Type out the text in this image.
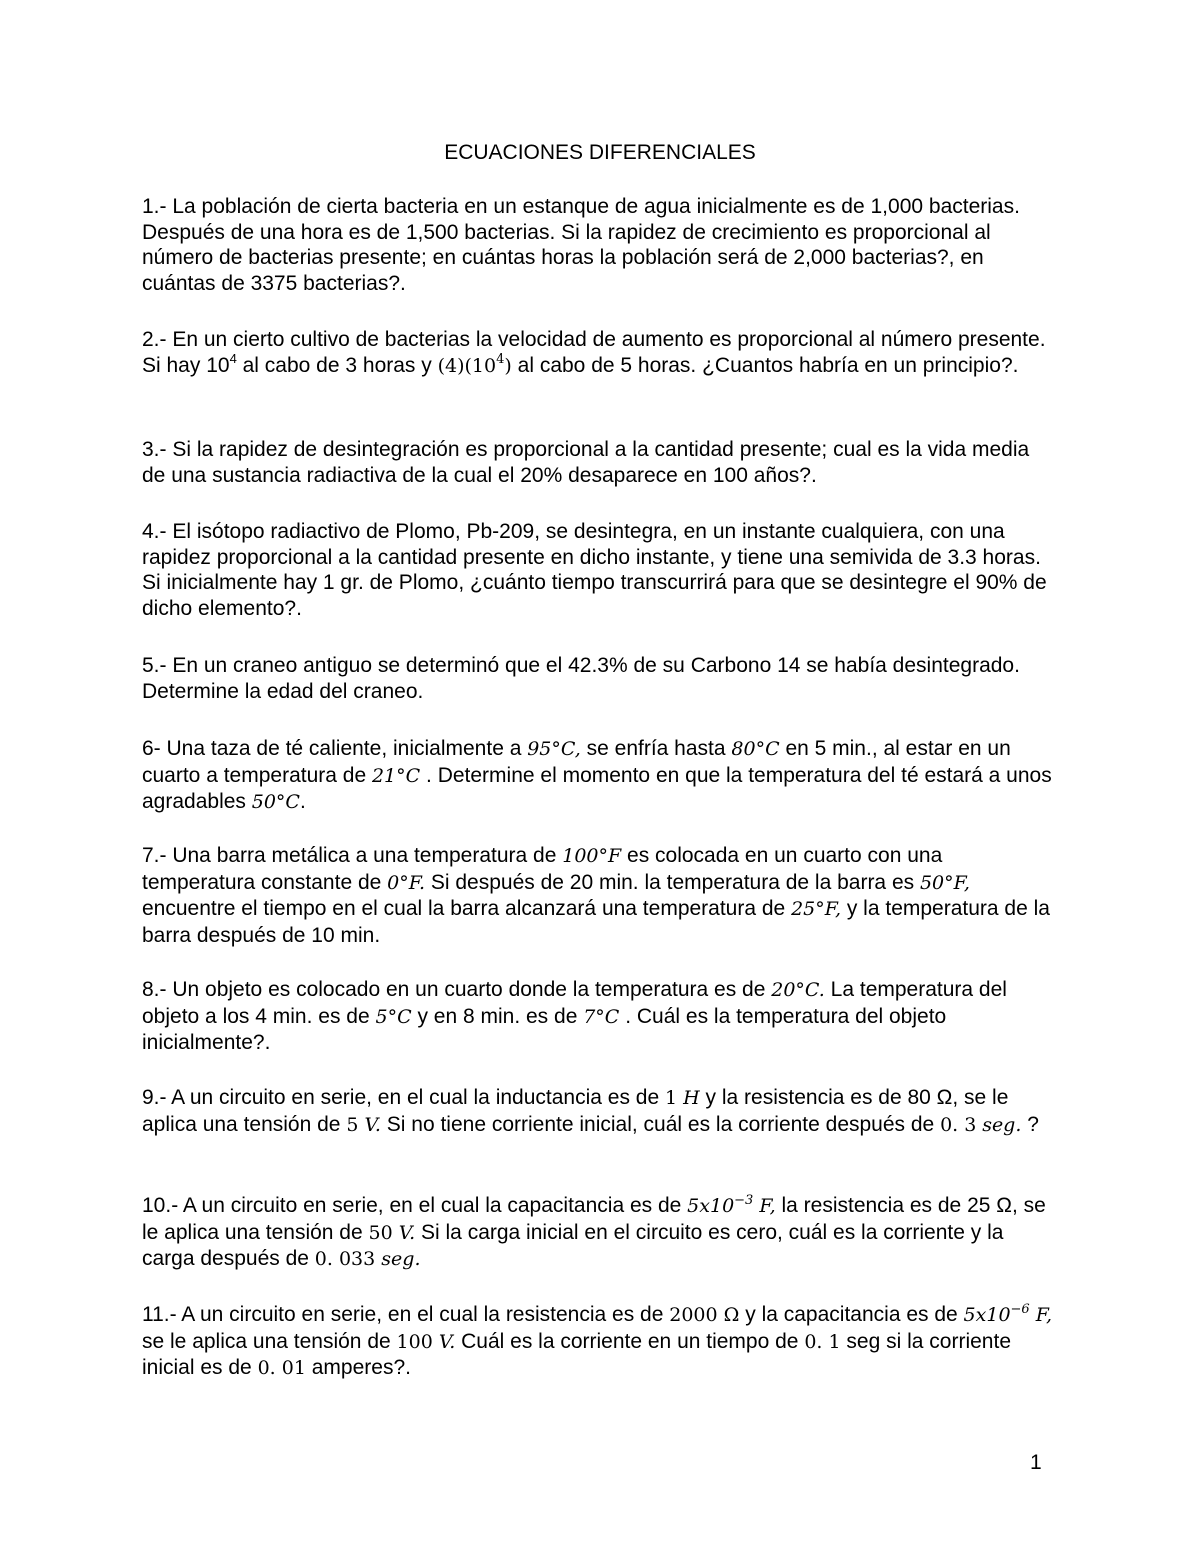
ECUACIONES DIFERENCIALES
1.- La población de cierta bacteria en un estanque de agua inicialmente es de 1,000 bacterias. Después de una hora es de 1,500 bacterias. Si la rapidez de crecimiento es proporcional al número de bacterias presente; en cuántas horas la población será de 2,000 bacterias?, en cuántas de 3375 bacterias?.
2.- En un cierto cultivo de bacterias la velocidad de aumento es proporcional al número presente. Si hay $10^4$ al cabo de 3 horas y $(4)(10^4)$ al cabo de 5 horas. ¿Cuantos habría en un principio?.
3.- Si la rapidez de desintegración es proporcional a la cantidad presente; cual es la vida media de una sustancia radiactiva de la cual el 20% desaparece en 100 años?.
4.- El isótopo radiactivo de Plomo, Pb-209, se desintegra, en un instante cualquiera, con una rapidez proporcional a la cantidad presente en dicho instante, y tiene una semivida de 3.3 horas. Si inicialmente hay 1 gr. de Plomo, ¿cuánto tiempo transcurrirá para que se desintegre el 90% de dicho elemento?.
5.- En un craneo antiguo se determinó que el 42.3% de su Carbono 14 se había desintegrado. Determine la edad del craneo.
6- Una taza de té caliente, inicialmente a 95°C, se enfría hasta 80°C en 5 min., al estar en un cuarto a temperatura de 21°C . Determine el momento en que la temperatura del té estará a unos agradables 50°C.
7.- Una barra metálica a una temperatura de 100°F es colocada en un cuarto con una temperatura constante de 0°F. Si después de 20 min. la temperatura de la barra es 50°F, encuentre el tiempo en el cual la barra alcanzará una temperatura de 25°F, y la temperatura de la barra después de 10 min.
8.- Un objeto es colocado en un cuarto donde la temperatura es de 20°C. La temperatura del objeto a los 4 min. es de 5°C y en 8 min. es de 7°C . Cuál es la temperatura del objeto inicialmente?.
9.- A un circuito en serie, en el cual la inductancia es de 1 H y la resistencia es de 80 Ω, se le aplica una tensión de 5 V. Si no tiene corriente inicial, cuál es la corriente después de 0. 3 seg. ?
10.- A un circuito en serie, en el cual la capacitancia es de $5x10^{-3}$ F, la resistencia es de 25 Ω, se le aplica una tensión de 50 V. Si la carga inicial en el circuito es cero, cuál es la corriente y la carga después de 0. 033 seg.
11.- A un circuito en serie, en el cual la resistencia es de 2000 Ω y la capacitancia es de $5x10^{-6}$ F, se le aplica una tensión de 100 V. Cuál es la corriente en un tiempo de 0. 1 seg si la corriente inicial es de 0. 01 amperes?.
1
